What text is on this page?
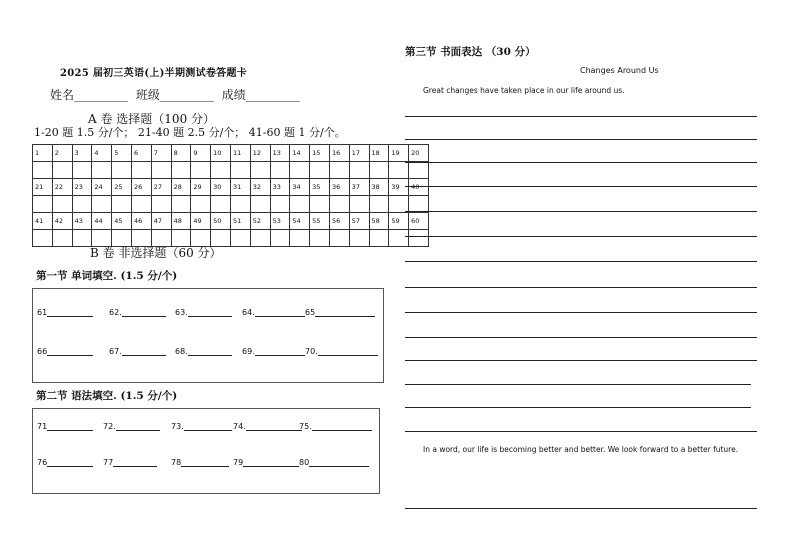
2025 届初三英语(上)半期测试卷答题卡
姓名_________ 班级_________ 成绩_________
A 卷 选择题（100 分）
1-20 题 1.5 分/个； 21-40 题 2.5 分/个； 41-60 题 1 分/个。
1	2	3	4	5	6	7	8	9	10	11	12	13	14	15	16	17	18	19	20

21	22	23	24	25	26	27	28	29	30	31	32	33	34	35	36	37	38	39	40

41	42	43	44	45	46	47	48	49	50	51	52	53	54	55	56	57	58	59	60

B 卷 非选择题（60 分）
第一节 单词填空. (1.5 分/个)
61	62.	63.	64.	65
66	67.	68.	69.	70.
第二节 语法填空. (1.5 分/个)
71	72.	73.	74.	75.
76	77	78	79	80
第三节 书面表达 （30 分）
Changes Around Us
Great changes have taken place in our life around us.
In a word, our life is becoming better and better. We look forward to a better future.
